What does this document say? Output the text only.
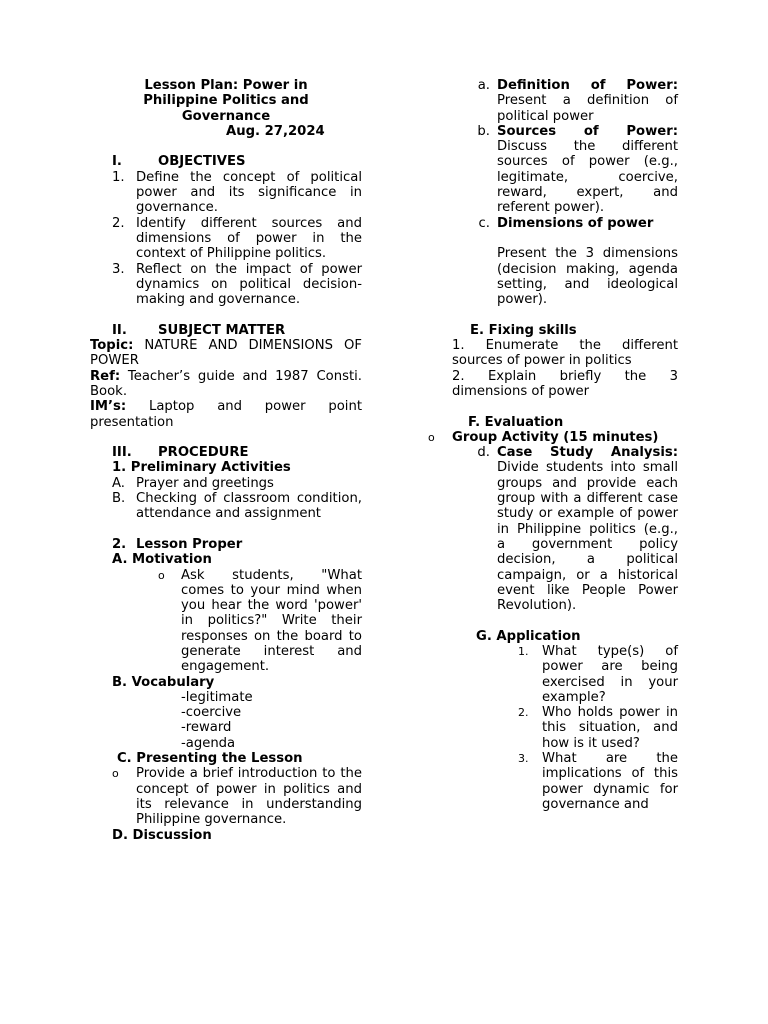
Lesson Plan: Power in

Philippine Politics and

Governance

Aug. 27,2024

I.	OBJECTIVES
1. Define the concept of political power and its significance in governance.
2. Identify different sources and dimensions of power in the context of Philippine politics.
3. Reflect on the impact of power dynamics on political decision-making and governance.
II.	SUBJECT MATTER

Topic: NATURE AND DIMENSIONS OF POWER

Ref: Teacher’s guide and 1987 Consti. Book.

IM’s: Laptop and power point presentation

III.	PROCEDURE

1. Preliminary Activities

A. Prayer and greetings
B. Checking of classroom condition, attendance and assignment
2. Lesson Proper

A. Motivation

o	Ask students, "What comes to your mind when you hear the word 'power' in politics?" Write their responses on the board to generate interest and engagement.

B. Vocabulary

-legitimate

-coercive

-reward

-agenda

C. Presenting the Lesson

o	Provide a brief introduction to the concept of power in politics and its relevance in understanding Philippine governance.

D. Discussion

a. Definition of Power: Present a definition of political power
b. Sources of Power: Discuss the different sources of power (e.g., legitimate, coercive, reward, expert, and referent power).
c. Dimensions of power

Present the 3 dimensions (decision making, agenda setting, and ideological power).

E. Fixing skills

1. Enumerate the different sources of power in politics

2. Explain briefly the 3 dimensions of power

F. Evaluation

o	Group Activity (15 minutes)
d. Case Study Analysis: Divide students into small groups and provide each group with a different case study or example of power in Philippine politics (e.g., a government policy decision, a political campaign, or a historical event like People Power Revolution).

G. Application

1.	What type(s) of power are being exercised in your example?
2.	Who holds power in this situation, and how is it used?
3.	What are the implications of this power dynamic for governance and
